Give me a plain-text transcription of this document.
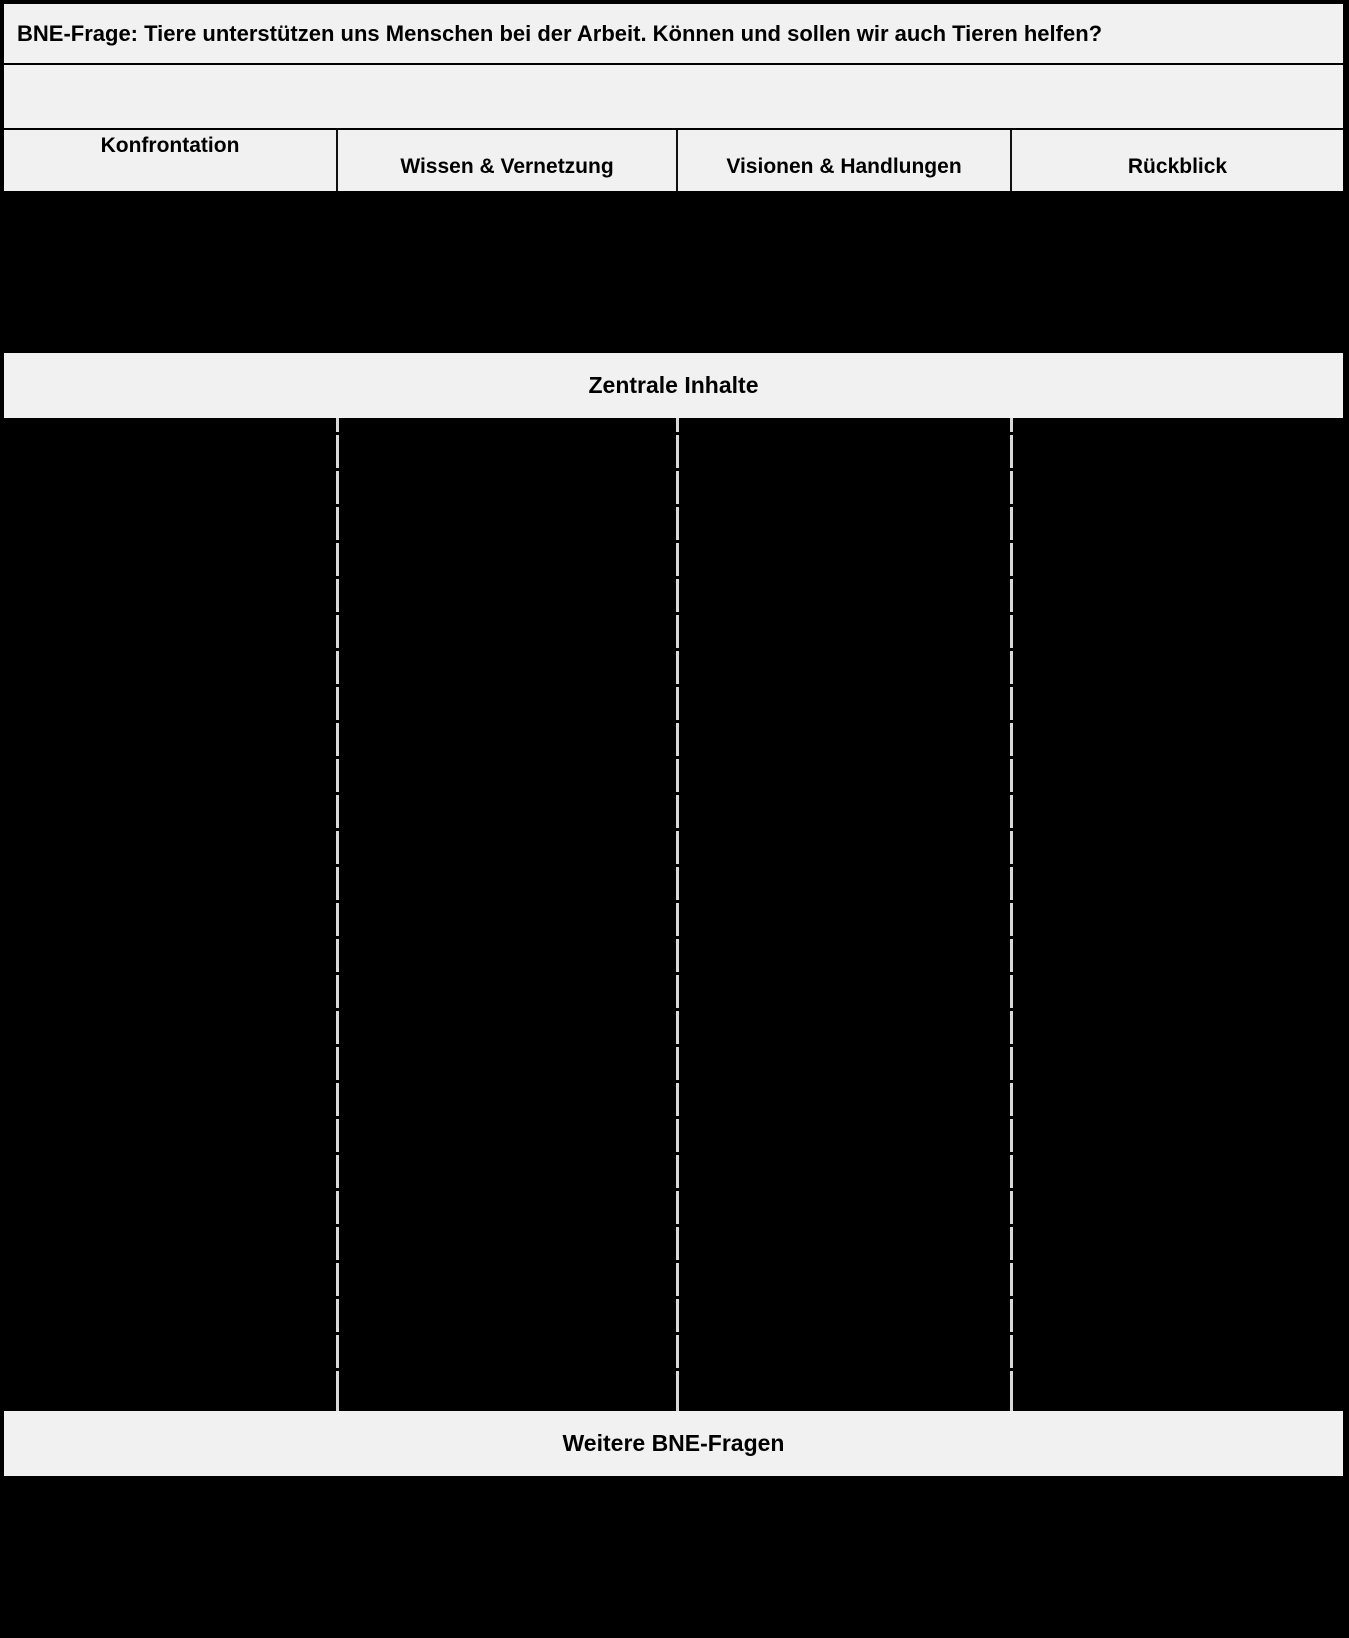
BNE-Frage: Tiere unterstützen uns Menschen bei der Arbeit. Können und sollen wir auch Tieren helfen?
Konfrontation
Wissen & Vernetzung	Visionen & Handlungen	Rückblick
Zentrale Inhalte
Weitere BNE-Fragen
